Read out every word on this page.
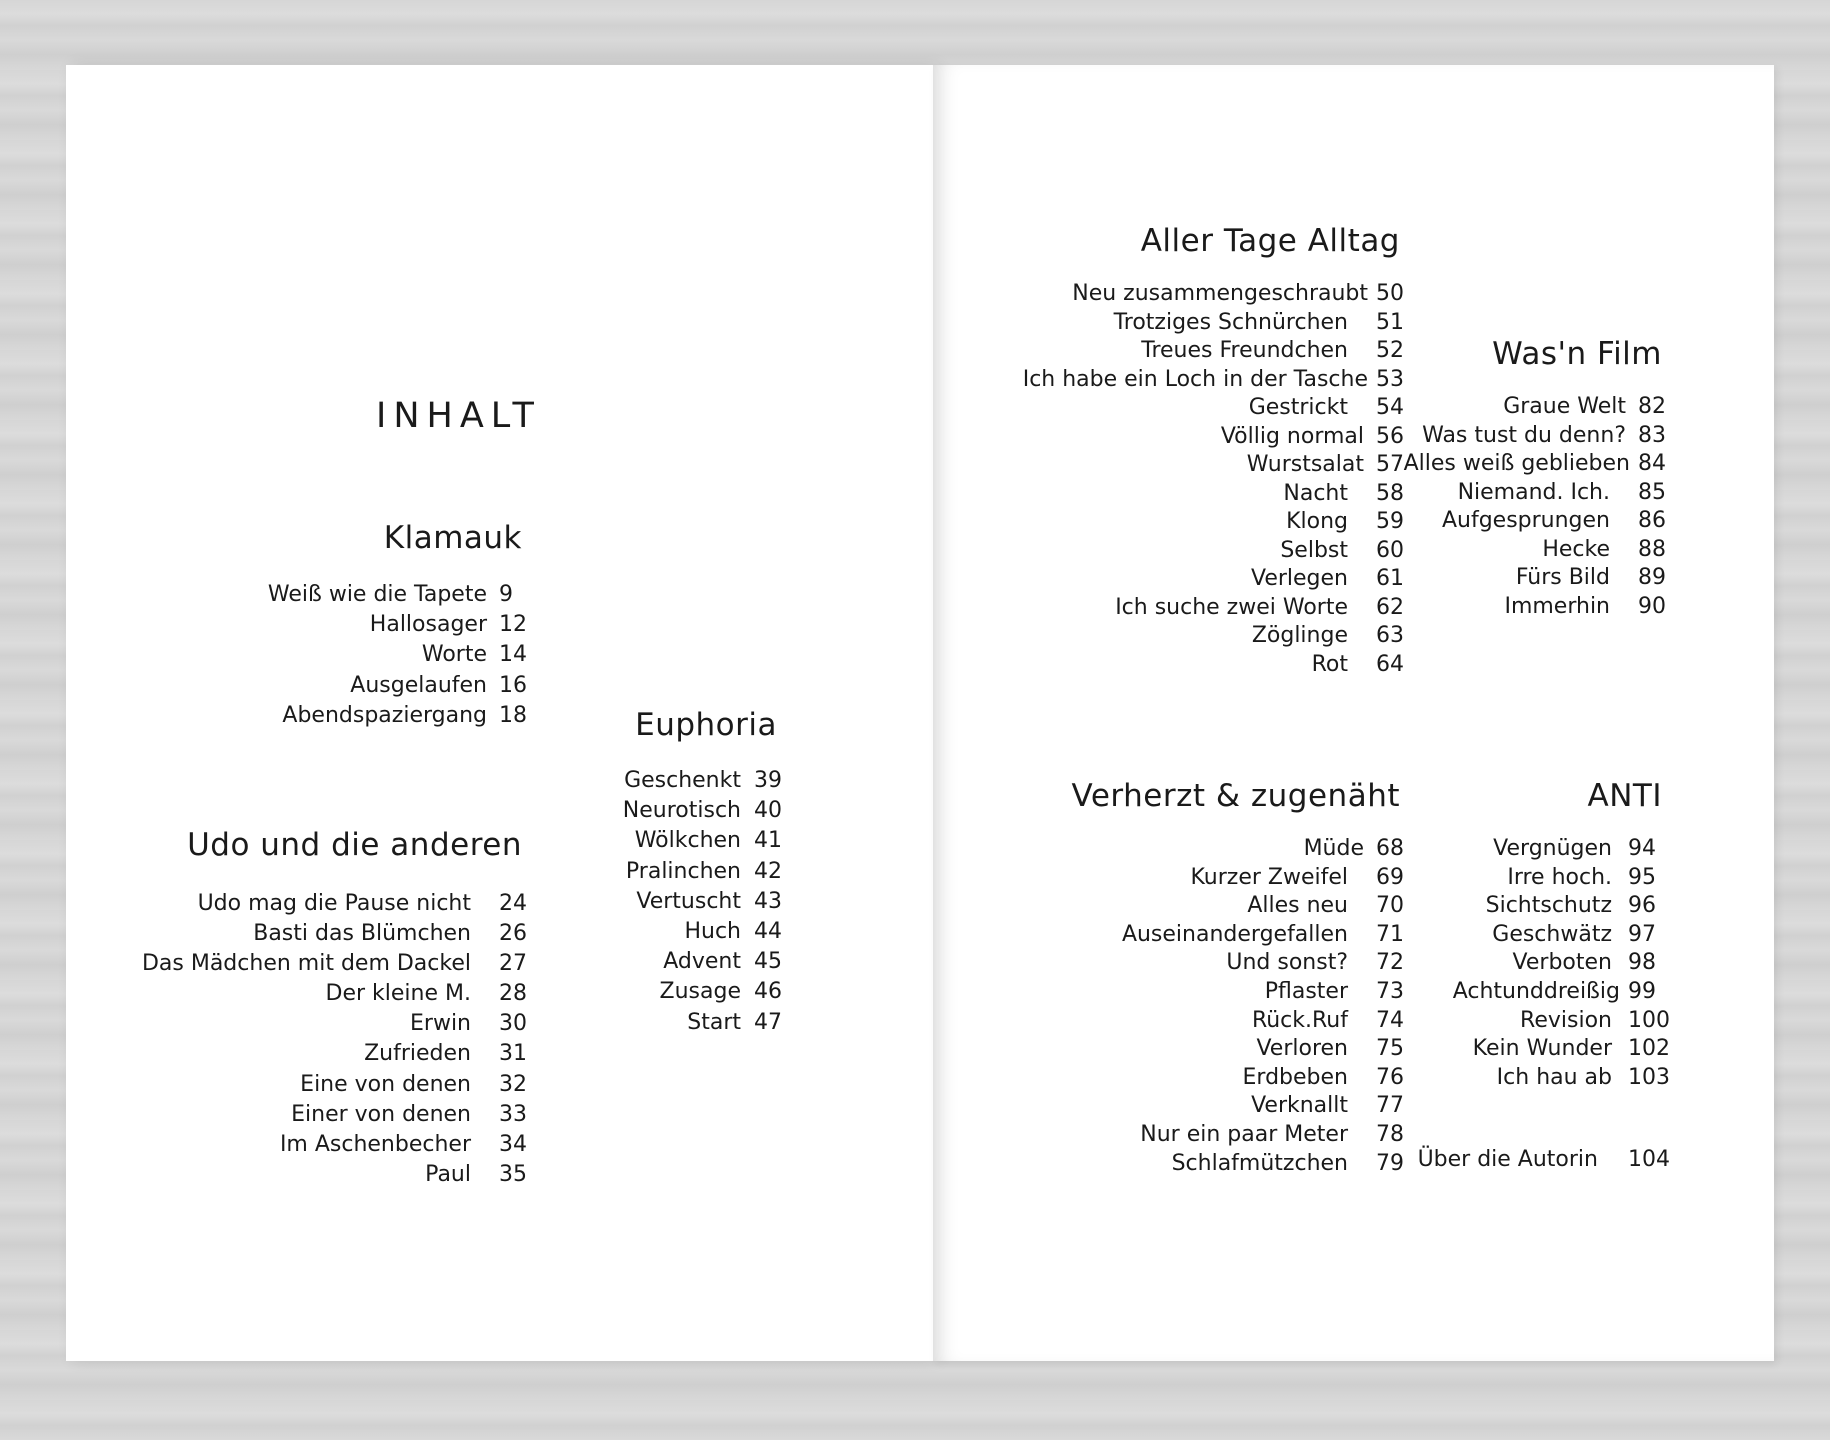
INHALT
Klamauk
Weiß wie die Tapete 9
Hallosager 12
Worte 14
Ausgelaufen 16
Abendspaziergang 18
Udo und die anderen
Udo mag die Pause nicht 24
Basti das Blümchen 26
Das Mädchen mit dem Dackel 27
Der kleine M. 28
Erwin 30
Zufrieden 31
Eine von denen 32
Einer von denen 33
Im Aschenbecher 34
Paul 35
Euphoria
Geschenkt 39
Neurotisch 40
Wölkchen 41
Pralinchen 42
Vertuscht 43
Huch 44
Advent 45
Zusage 46
Start 47
Aller Tage Alltag
Neu zusammengeschraubt 50
Trotziges Schnürchen 51
Treues Freundchen 52
Ich habe ein Loch in der Tasche 53
Gestrickt 54
Völlig normal 56
Wurstsalat 57
Nacht 58
Klong 59
Selbst 60
Verlegen 61
Ich suche zwei Worte 62
Zöglinge 63
Rot 64
Was'n Film
Graue Welt 82
Was tust du denn? 83
Alles weiß geblieben 84
Niemand. Ich. 85
Aufgesprungen 86
Hecke 88
Fürs Bild 89
Immerhin 90
Verherzt & zugenäht
Müde 68
Kurzer Zweifel 69
Alles neu 70
Auseinandergefallen 71
Und sonst? 72
Pflaster 73
Rück.Ruf 74
Verloren 75
Erdbeben 76
Verknallt 77
Nur ein paar Meter 78
Schlafmützchen 79
ANTI
Vergnügen 94
Irre hoch. 95
Sichtschutz 96
Geschwätz 97
Verboten 98
Achtunddreißig 99
Revision 100
Kein Wunder 102
Ich hau ab 103
Über die Autorin 104
